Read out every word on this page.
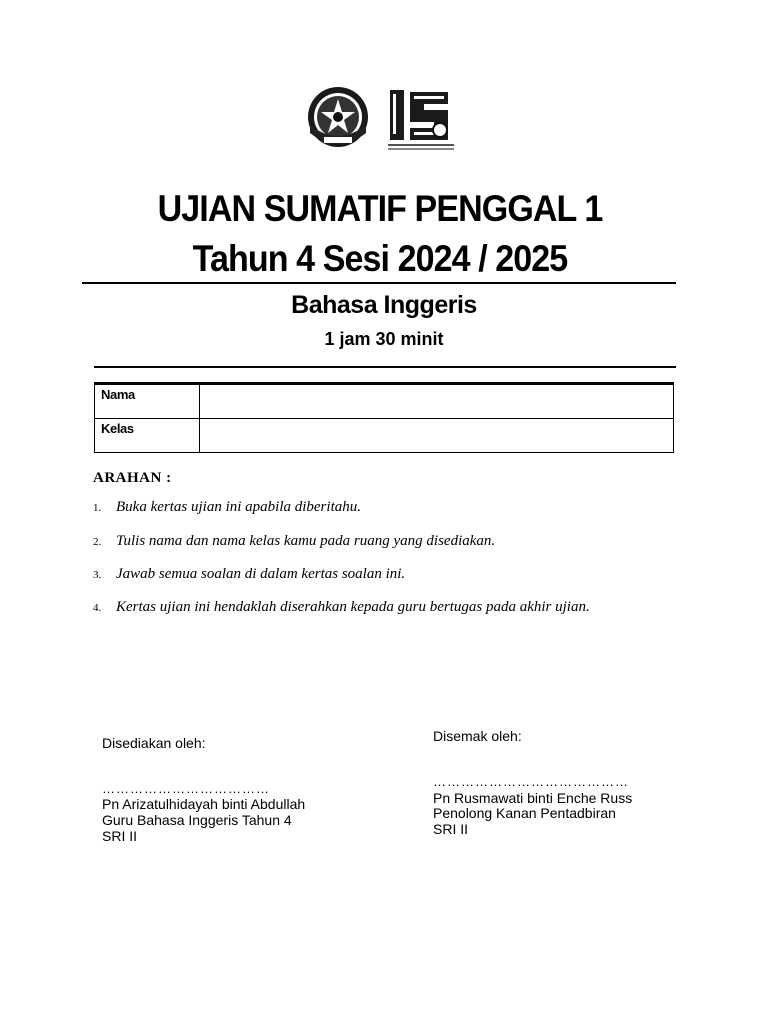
UJIAN SUMATIF PENGGAL 1
Tahun 4 Sesi 2024 / 2025
Bahasa Inggeris
1 jam 30 minit
Nama	
Kelas	
ARAHAN :
1. Buka kertas ujian ini apabila diberitahu.
2. Tulis nama dan nama kelas kamu pada ruang yang disediakan.
3. Jawab semua soalan di dalam kertas soalan ini.
4. Kertas ujian ini hendaklah diserahkan kepada guru bertugas pada akhir ujian.
Disediakan oleh:
………………………………
Pn Arizatulhidayah binti Abdullah
Guru Bahasa Inggeris Tahun 4
SRI II
Disemak oleh:
……………………………………
Pn Rusmawati binti Enche Russ
Penolong Kanan Pentadbiran
SRI II
